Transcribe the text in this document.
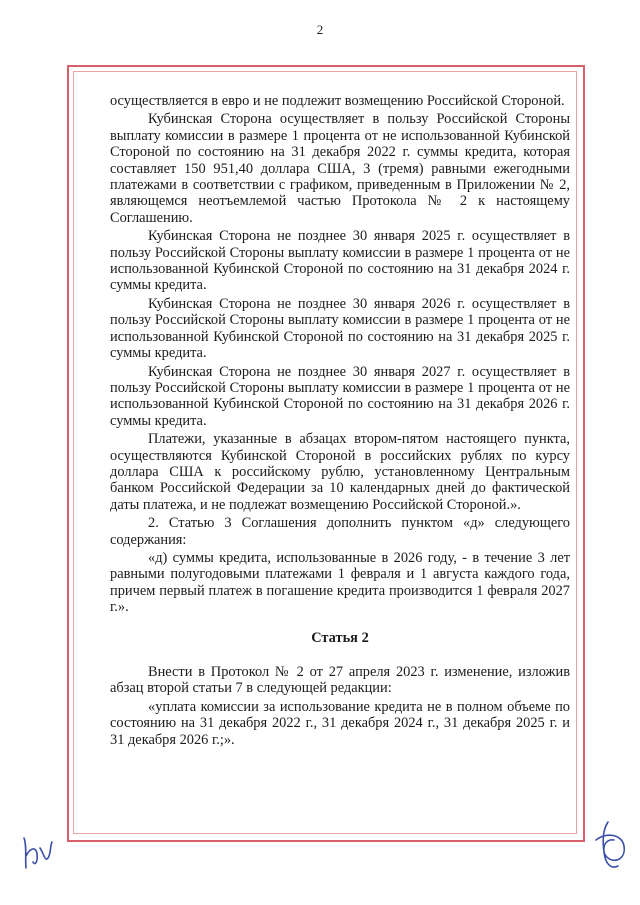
2

осуществляется в евро и не подлежит возмещению Российской Стороной.

Кубинская Сторона осуществляет в пользу Российской Стороны выплату комиссии в размере 1 процента от не использованной Кубинской Стороной по состоянию на 31 декабря 2022 г. суммы кредита, которая составляет 150 951,40 доллара США, 3 (тремя) равными ежегодными платежами в соответствии с графиком, приведенным в Приложении № 2, являющемся неотъемлемой частью Протокола № 2 к настоящему Соглашению.

Кубинская Сторона не позднее 30 января 2025 г. осуществляет в пользу Российской Стороны выплату комиссии в размере 1 процента от не использованной Кубинской Стороной по состоянию на 31 декабря 2024 г. суммы кредита.

Кубинская Сторона не позднее 30 января 2026 г. осуществляет в пользу Российской Стороны выплату комиссии в размере 1 процента от не использованной Кубинской Стороной по состоянию на 31 декабря 2025 г. суммы кредита.

Кубинская Сторона не позднее 30 января 2027 г. осуществляет в пользу Российской Стороны выплату комиссии в размере 1 процента от не использованной Кубинской Стороной по состоянию на 31 декабря 2026 г. суммы кредита.

Платежи, указанные в абзацах втором-пятом настоящего пункта, осуществляются Кубинской Стороной в российских рублях по курсу доллара США к российскому рублю, установленному Центральным банком Российской Федерации за 10 календарных дней до фактической даты платежа, и не подлежат возмещению Российской Стороной.».

2. Статью 3 Соглашения дополнить пунктом «д» следующего содержания:

«д) суммы кредита, использованные в 2026 году, - в течение 3 лет равными полугодовыми платежами 1 февраля и 1 августа каждого года, причем первый платеж в погашение кредита производится 1 февраля 2027 г.».

Статья 2

Внести в Протокол № 2 от 27 апреля 2023 г. изменение, изложив абзац второй статьи 7 в следующей редакции:

«уплата комиссии за использование кредита не в полном объеме по состоянию на 31 декабря 2022 г., 31 декабря 2024 г., 31 декабря 2025 г. и 31 декабря 2026 г.;».
